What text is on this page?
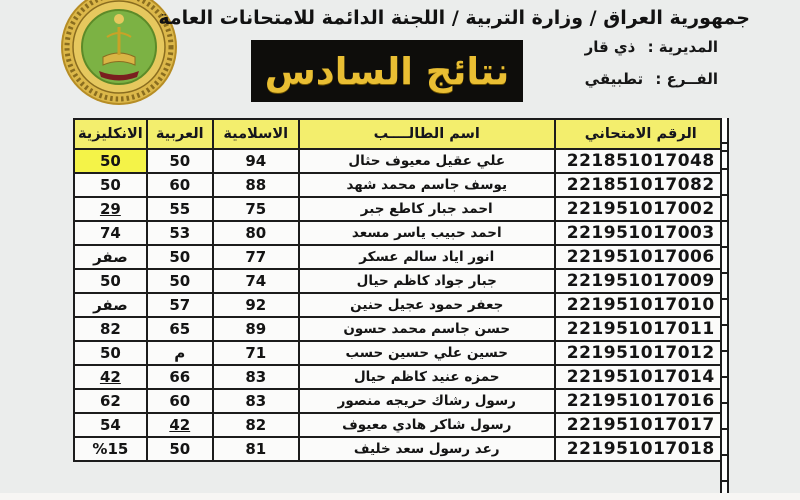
جمهورية العراق / وزارة التربية / اللجنة الدائمة للامتحانات العامة
نتائج السادس
المديرية : ذي قار
الفــرع : تطبيقي
الرقم الامتحاني	اسم الطالــــب	الاسلامية	العربية	الانكليزية
221851017048	علي عقيل معيوف حثال	94	50	50
221851017082	يوسف جاسم محمد شهد	88	60	50
221951017002	احمد جبار كاطع جبر	75	55	29
221951017003	احمد حبيب ياسر مسعد	80	53	74
221951017006	انور اياد سالم عسكر	77	50	صفر
221951017009	جبار جواد كاظم حيال	74	50	50
221951017010	جعفر حمود عجيل حنين	92	57	صفر
221951017011	حسن جاسم محمد حسون	89	65	82
221951017012	حسين علي حسين حسب	71	م	50
221951017014	حمزه عنيد كاظم حيال	83	66	42
221951017016	رسول رشاك حريجه منصور	83	60	62
221951017017	رسول شاكر هادي معيوف	82	42	54
221951017018	رعد رسول سعد خليف	81	50	%15
